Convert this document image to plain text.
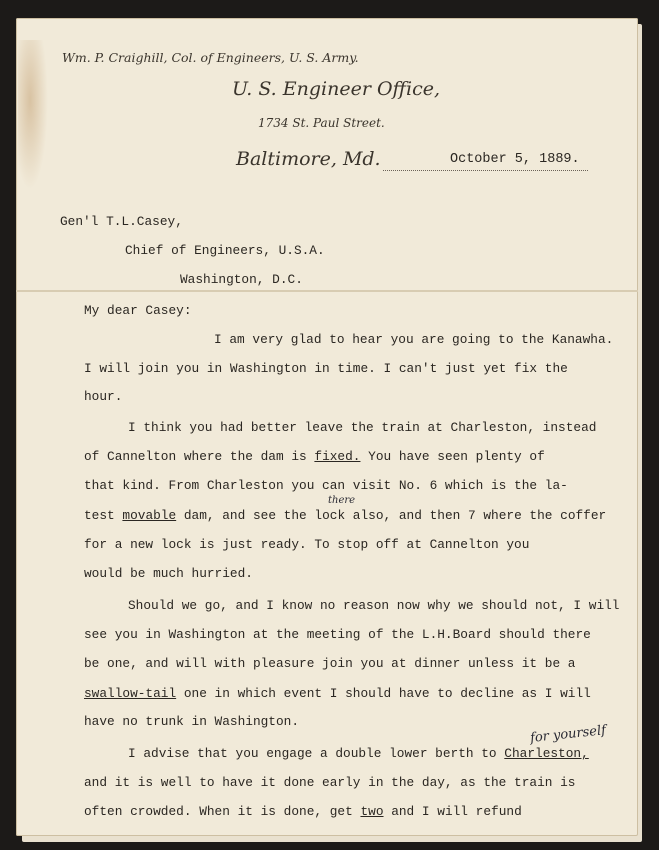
Wm. P. Craighill, Col. of Engineers, U. S. Army.
U. S. Engineer Office,
1734 St. Paul Street.
Baltimore, Md.	October 5, 1889.
Gen'l T.L.Casey,
Chief of Engineers, U.S.A.
Washington, D.C.
My dear Casey:
I am very glad to hear you are going to the Kanawha.
I will join you in Washington in time. I can't just yet fix the
hour.
I think you had better leave the train at Charleston, instead
of Cannelton where the dam is fixed. You have seen plenty of
that kind. From Charleston you can visit No. 6 which is the la-
there
test movable dam, and see the lock also, and then 7 where the coffer
for a new lock is just ready. To stop off at Cannelton you
would be much hurried.
Should we go, and I know no reason now why we should not, I will
see you in Washington at the meeting of the L.H.Board should there
be one, and will with pleasure join you at dinner unless it be a
swallow-tail one in which event I should have to decline as I will
have no trunk in Washington.
for yourself
I advise that you engage a double lower berth to Charleston,
and it is well to have it done early in the day, as the train is
often crowded. When it is done, get two and I will refund
